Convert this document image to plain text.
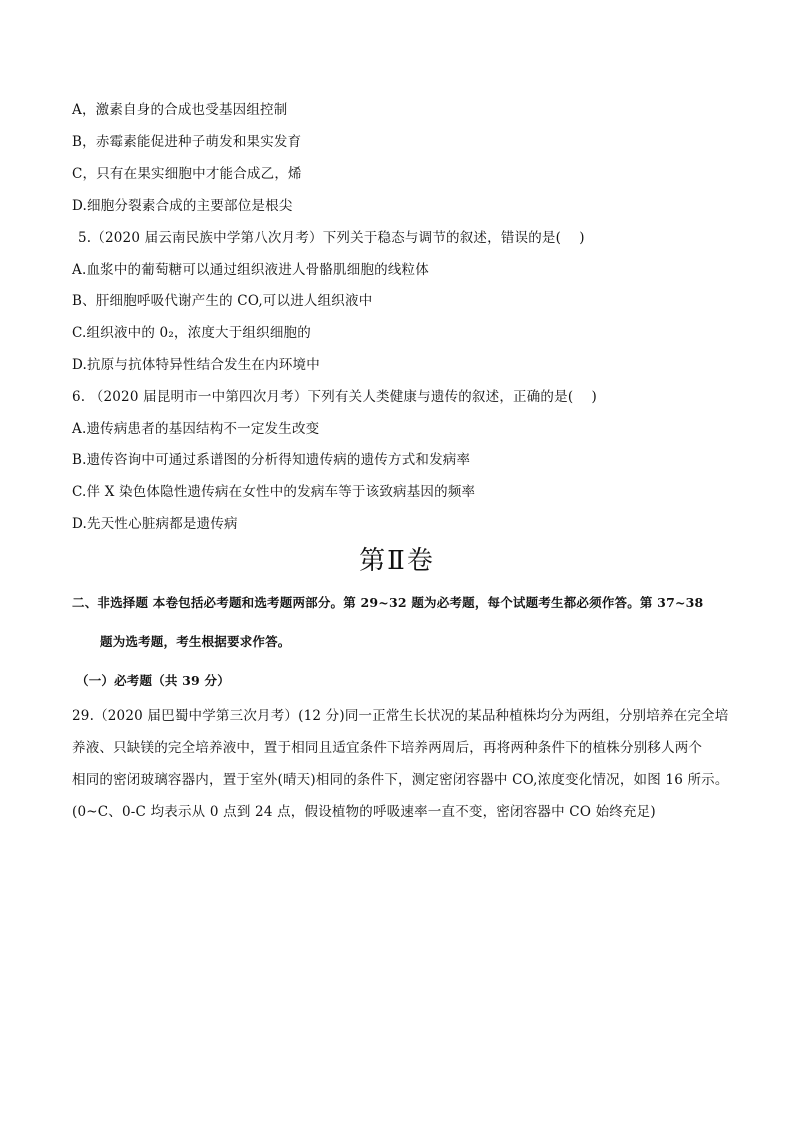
A，激素自身的合成也受基因组控制
B，赤霉素能促进种子萌发和果实发育
C，只有在果实细胞中才能合成乙，烯
D.细胞分裂素合成的主要部位是根尖
5.（2020 届云南民族中学第八次月考）下列关于稳态与调节的叙述，错误的是(　 )
A.血浆中的葡萄糖可以通过组织液进人骨骼肌细胞的线粒体
B、肝细胞呼吸代谢产生的 CO,可以进人组织液中
C.组织液中的 0₂，浓度大于组织细胞的
D.抗原与抗体特异性结合发生在内环境中
6. （2020 届昆明市一中第四次月考）下列有关人类健康与遗传的叙述，正确的是(　 )
A.遗传病患者的基因结构不一定发生改变
B.遗传咨询中可通过系谱图的分析得知遗传病的遗传方式和发病率
C.伴 X 染色体隐性遗传病在女性中的发病车等于该致病基因的频率
D.先天性心脏病都是遗传病
第Ⅱ卷
二、非选择题 本卷包括必考题和选考题两部分。第 29~32 题为必考题，每个试题考生都必须作答。第 37~38
题为选考题，考生根据要求作答。
（一）必考题（共 39 分）
29.（2020 届巴蜀中学第三次月考）(12 分)同一正常生长状况的某品种植株均分为两组，分别培养在完全培
养液、只缺镁的完全培养液中，置于相同且适宜条件下培养两周后，再将两种条件下的植株分别移人两个
相同的密闭玻璃容器内，置于室外(晴天)相同的条件下，测定密闭容器中 CO,浓度变化情况，如图 16 所示。
(0~C、0-C 均表示从 0 点到 24 点，假设植物的呼吸速率一直不变，密闭容器中 CO 始终充足)
